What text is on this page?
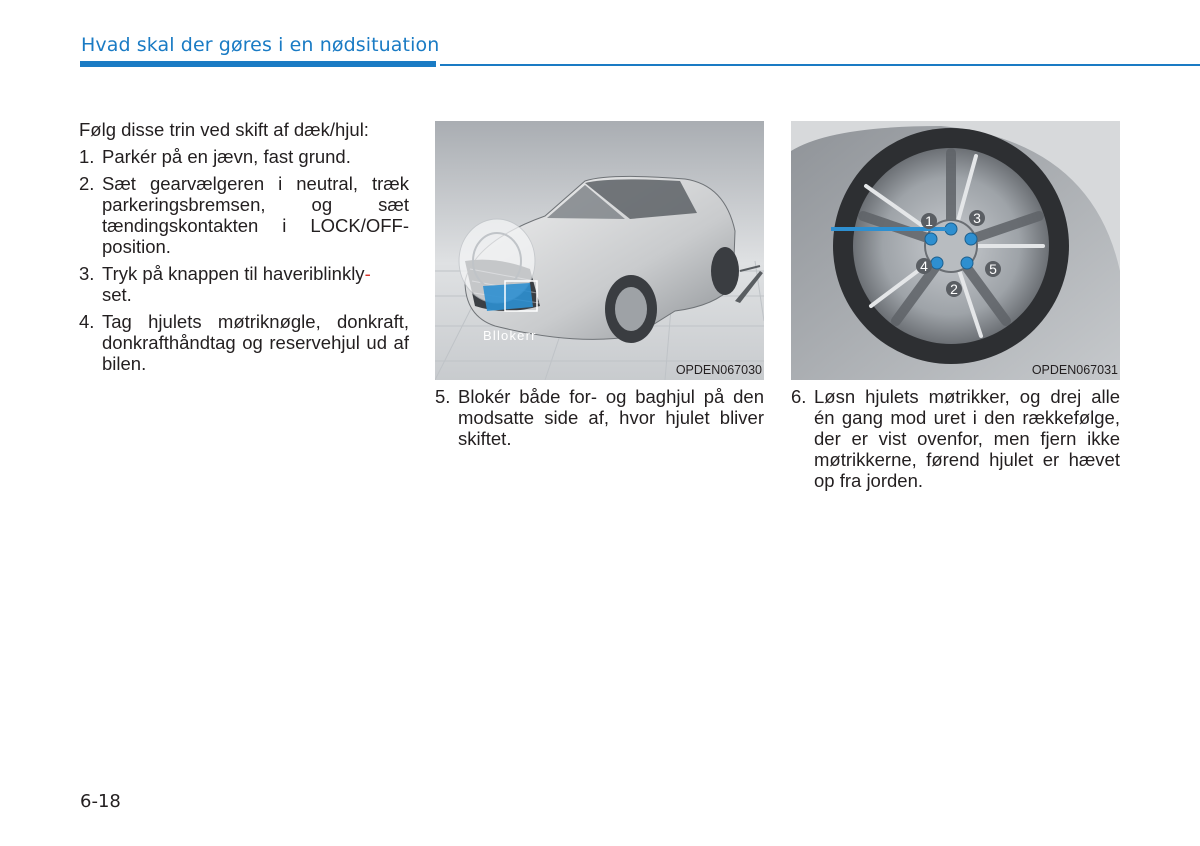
Hvad skal der gøres i en nødsituation

Følg disse trin ved skift af dæk/hjul:

1. Parkér på en jævn, fast grund.
2. Sæt gearvælgeren i neutral, træk parkeringsbremsen, og sæt tændingskontakten i LOCK/OFF-position.
3. Tryk på knappen til haveriblinkly-
set.
4. Tag hjulets møtriknøgle, donkraft, donkrafthåndtag og reservehjul ud af bilen.
Bllokerr
OPDEN067030
1
2
3
4	5
OPDEN067031
5. Blokér både for- og baghjul på den modsatte side af, hvor hjulet bliver skiftet.
6. Løsn hjulets møtrikker, og drej alle én gang mod uret i den rækkefølge, der er vist ovenfor, men fjern ikke møtrikkerne, førend hjulet er hævet op fra jorden.
6-18
